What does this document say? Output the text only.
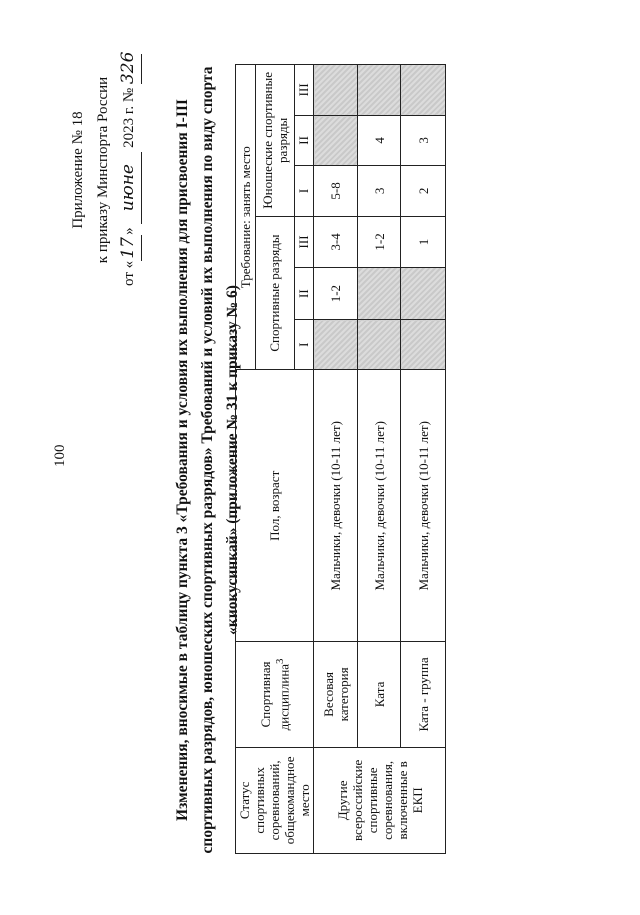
100
Приложение № 18 к приказу Минспорта России
от «17» июне 2023 г. № 326
Изменения, вносимые в таблицу пункта 3 «Требования и условия их выполнения для присвоения I-III спортивных разрядов, юношеских спортивных разрядов» Требований и условий их выполнения по виду спорта «киокусинкай» (приложение № 31 к приказу № 6)
Статус спортивных соревнований, общекомандное место	Спортивная дисциплина$^3$	Пол, возраст	Требование: занять место					
			Спортивные разряды			Юношеские спортивные разряды		
			I	II	III	I	II	III
Другие всероссийские спортивные соревнования, включенные в ЕКП	Весовая категория	Мальчики, девочки (10-11 лет)		1-2	3-4	5-8		
	Ката	Мальчики, девочки (10-11 лет)			1-2	3	4	
	Ката - группа	Мальчики, девочки (10-11 лет)			1	2	3	
